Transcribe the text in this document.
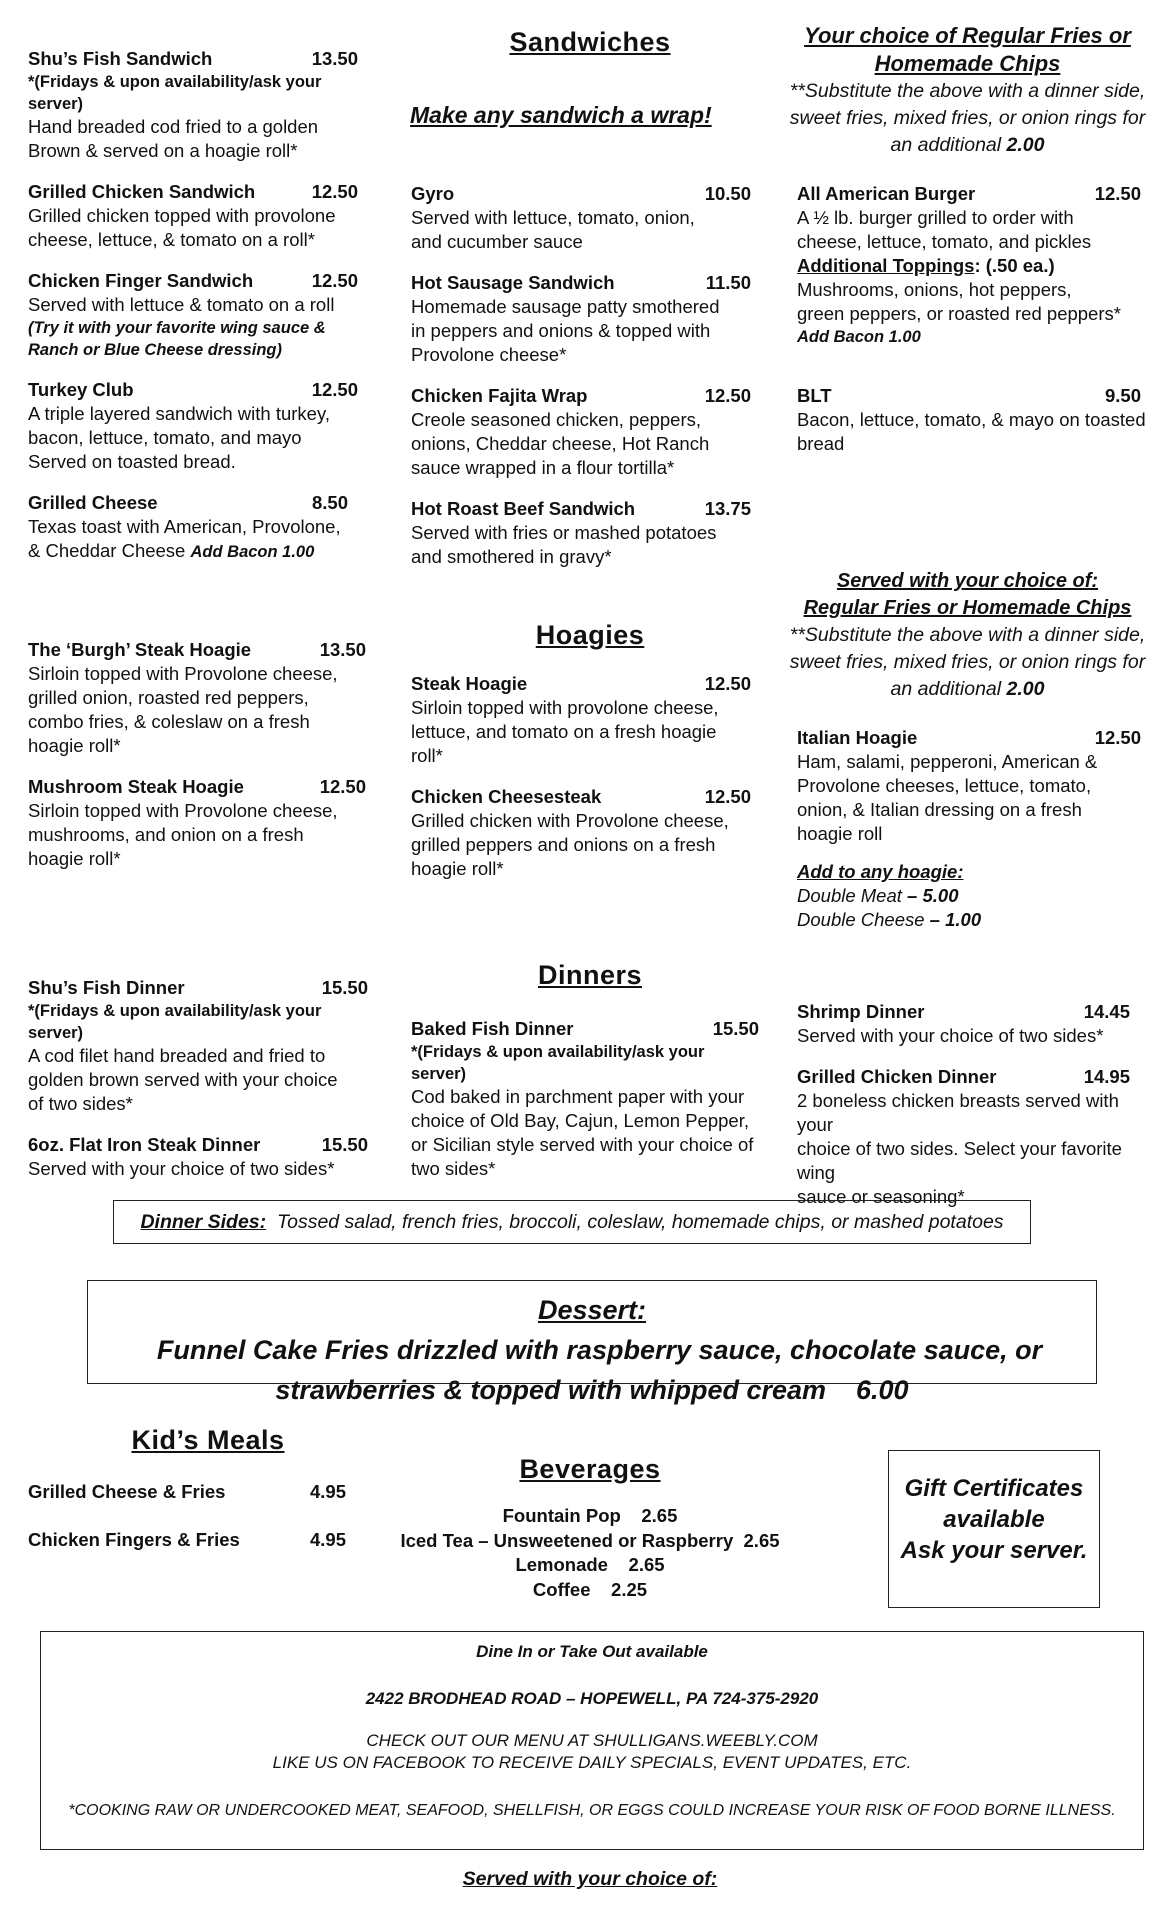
Shu’s Fish Sandwich	13.50
*(Fridays & upon availability/ask your server)
Hand breaded cod fried to a golden
Brown & served on a hoagie roll*
Grilled Chicken Sandwich	12.50
Grilled chicken topped with provolone
cheese, lettuce, & tomato on a roll*
Chicken Finger Sandwich	12.50
Served with lettuce & tomato on a roll
(Try it with your favorite wing sauce &
Ranch or Blue Cheese dressing)
Turkey Club	12.50
A triple layered sandwich with turkey,
bacon, lettuce, tomato, and mayo
Served on toasted bread.
Grilled Cheese	8.50
Texas toast with American, Provolone,
& Cheddar Cheese Add Bacon 1.00
Sandwiches
Make any sandwich a wrap!
Gyro	10.50
Served with lettuce, tomato, onion,
and cucumber sauce
Hot Sausage Sandwich	11.50
Homemade sausage patty smothered
in peppers and onions & topped with
Provolone cheese*
Chicken Fajita Wrap	12.50
Creole seasoned chicken, peppers,
onions, Cheddar cheese, Hot Ranch
sauce wrapped in a flour tortilla*
Hot Roast Beef Sandwich	13.75
Served with fries or mashed potatoes
and smothered in gravy*
Your choice of Regular Fries or
Homemade Chips
**Substitute the above with a dinner side,
sweet fries, mixed fries, or onion rings for
an additional 2.00
All American Burger	12.50
A ½ lb. burger grilled to order with
cheese, lettuce, tomato, and pickles
Additional Toppings: (.50 ea.)
Mushrooms, onions, hot peppers,
green peppers, or roasted red peppers*
Add Bacon 1.00
BLT	9.50
Bacon, lettuce, tomato, & mayo on toasted
bread
The ‘Burgh’ Steak Hoagie	13.50
Sirloin topped with Provolone cheese,
grilled onion, roasted red peppers,
combo fries, & coleslaw on a fresh
hoagie roll*
Mushroom Steak Hoagie	12.50
Sirloin topped with Provolone cheese,
mushrooms, and onion on a fresh
hoagie roll*
Hoagies
Steak Hoagie	12.50
Sirloin topped with provolone cheese,
lettuce, and tomato on a fresh hoagie
roll*
Chicken Cheesesteak	12.50
Grilled chicken with Provolone cheese,
grilled peppers and onions on a fresh
hoagie roll*
Served with your choice of:
Regular Fries or Homemade Chips
**Substitute the above with a dinner side,
sweet fries, mixed fries, or onion rings for
an additional 2.00
Italian Hoagie	12.50
Ham, salami, pepperoni, American &
Provolone cheeses, lettuce, tomato,
onion, & Italian dressing on a fresh
hoagie roll
Add to any hoagie:
Double Meat – 5.00
Double Cheese – 1.00
Shu’s Fish Dinner	15.50
*(Fridays & upon availability/ask your server)
A cod filet hand breaded and fried to
golden brown served with your choice
of two sides*
6oz. Flat Iron Steak Dinner	15.50
Served with your choice of two sides*
Dinners
Baked Fish Dinner	15.50
*(Fridays & upon availability/ask your server)
Cod baked in parchment paper with your
choice of Old Bay, Cajun, Lemon Pepper,
or Sicilian style served with your choice of
two sides*
Shrimp Dinner	14.45
Served with your choice of two sides*
Grilled Chicken Dinner	14.95
2 boneless chicken breasts served with your
choice of two sides. Select your favorite wing
sauce or seasoning*
Dinner Sides: Tossed salad, french fries, broccoli, coleslaw, homemade chips, or mashed potatoes
Dessert:  Funnel Cake Fries drizzled with raspberry sauce, chocolate sauce, or
strawberries & topped with whipped cream    6.00
Kid’s Meals
Grilled Cheese & Fries	4.95
Chicken Fingers & Fries	4.95
Beverages
Fountain Pop    2.65
Iced Tea – Unsweetened or Raspberry  2.65
Lemonade    2.65
Coffee    2.25
Gift Certificates
available
Ask your server.
Dine In or Take Out available
2422 BRODHEAD ROAD – HOPEWELL, PA 724-375-2920
CHECK OUT OUR MENU AT SHULLIGANS.WEEBLY.COM
LIKE US ON FACEBOOK TO RECEIVE DAILY SPECIALS, EVENT UPDATES, ETC.
*COOKING RAW OR UNDERCOOKED MEAT, SEAFOOD, SHELLFISH, OR EGGS COULD INCREASE YOUR RISK OF FOOD BORNE ILLNESS.
Served with your choice of:
